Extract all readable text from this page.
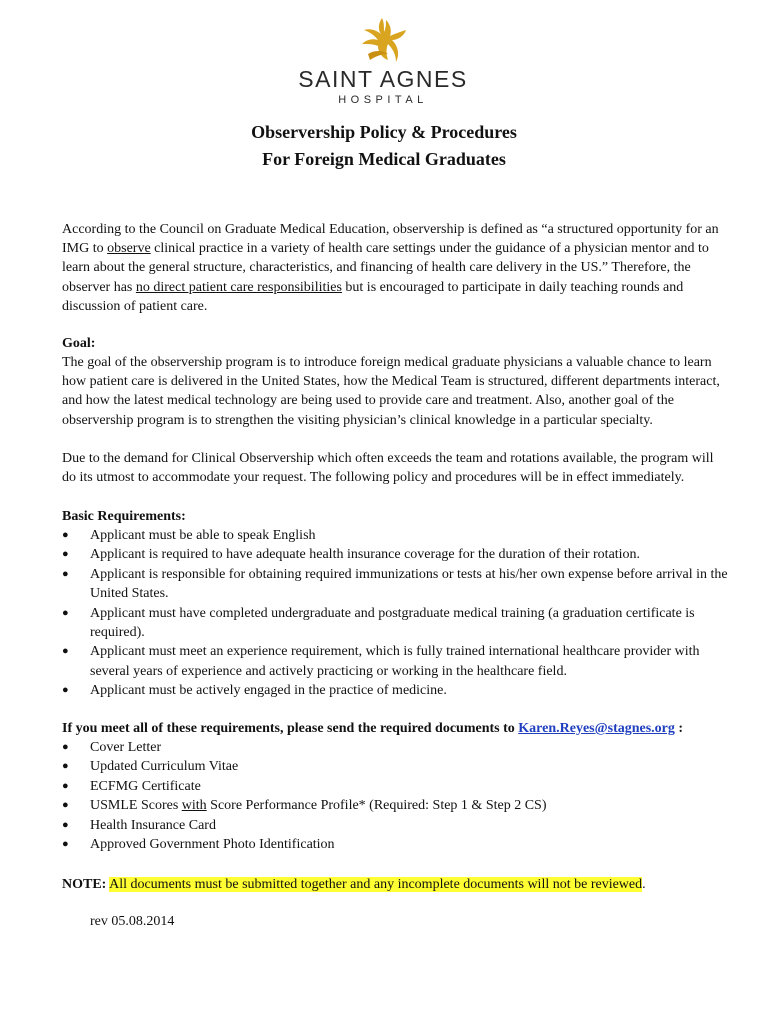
SAINT AGNES
HOSPITAL
Observership Policy & Procedures
For Foreign Medical Graduates
According to the Council on Graduate Medical Education, observership is defined as “a structured opportunity for an IMG to observe clinical practice in a variety of health care settings under the guidance of a physician mentor and to learn about the general structure, characteristics, and financing of health care delivery in the US.” Therefore, the observer has no direct patient care responsibilities but is encouraged to participate in daily teaching rounds and discussion of patient care.
Goal:
The goal of the observership program is to introduce foreign medical graduate physicians a valuable chance to learn how patient care is delivered in the United States, how the Medical Team is structured, different departments interact, and how the latest medical technology are being used to provide care and treatment. Also, another goal of the observership program is to strengthen the visiting physician’s clinical knowledge in a particular specialty.
Due to the demand for Clinical Observership which often exceeds the team and rotations available, the program will do its utmost to accommodate your request. The following policy and procedures will be in effect immediately.
Basic Requirements:
● Applicant must be able to speak English
● Applicant is required to have adequate health insurance coverage for the duration of their rotation.
● Applicant is responsible for obtaining required immunizations or tests at his/her own expense before arrival in the United States.
● Applicant must have completed undergraduate and postgraduate medical training (a graduation certificate is required).
● Applicant must meet an experience requirement, which is fully trained international healthcare provider with several years of experience and actively practicing or working in the healthcare field.
● Applicant must be actively engaged in the practice of medicine.
If you meet all of these requirements, please send the required documents to Karen.Reyes@stagnes.org :
● Cover Letter
● Updated Curriculum Vitae
● ECFMG Certificate
● USMLE Scores with Score Performance Profile* (Required: Step 1 & Step 2 CS)
● Health Insurance Card
● Approved Government Photo Identification
NOTE: All documents must be submitted together and any incomplete documents will not be reviewed.
rev 05.08.2014
